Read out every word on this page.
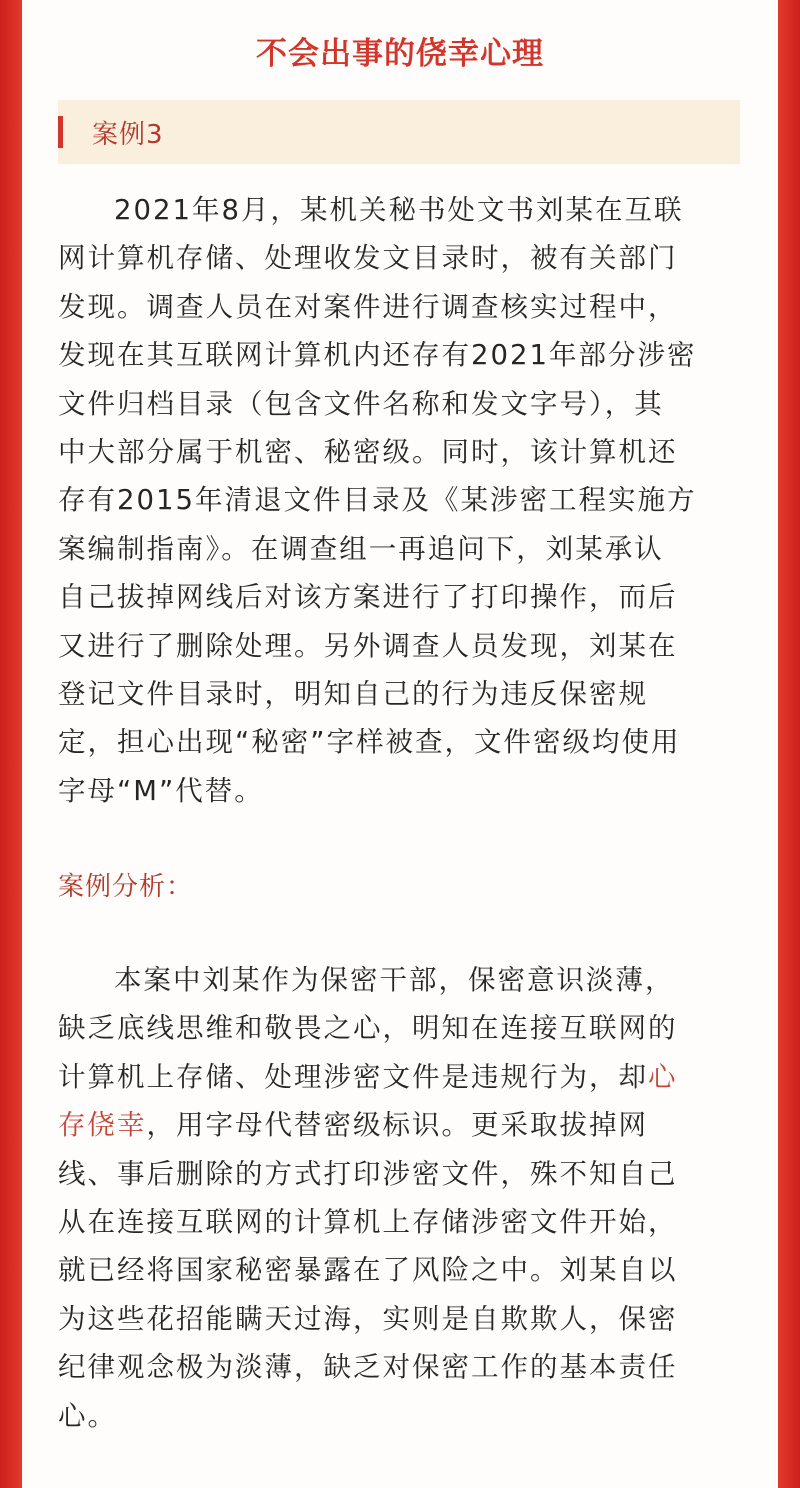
不会出事的侥幸心理
案例3
2021年8月，某机关秘书处文书刘某在互联
网计算机存储、处理收发文目录时，被有关部门
发现。调查人员在对案件进行调查核实过程中，
发现在其互联网计算机内还存有2021年部分涉密
文件归档目录（包含文件名称和发文字号），其
中大部分属于机密、秘密级。同时，该计算机还
存有2015年清退文件目录及《某涉密工程实施方
案编制指南》。在调查组一再追问下，刘某承认
自己拔掉网线后对该方案进行了打印操作，而后
又进行了删除处理。另外调查人员发现，刘某在
登记文件目录时，明知自己的行为违反保密规
定，担心出现“秘密”字样被查，文件密级均使用
字母“M”代替。
案例分析：
本案中刘某作为保密干部，保密意识淡薄，
缺乏底线思维和敬畏之心，明知在连接互联网的
计算机上存储、处理涉密文件是违规行为，却心
存侥幸，用字母代替密级标识。更采取拔掉网
线、事后删除的方式打印涉密文件，殊不知自己
从在连接互联网的计算机上存储涉密文件开始，
就已经将国家秘密暴露在了风险之中。刘某自以
为这些花招能瞒天过海，实则是自欺欺人，保密
纪律观念极为淡薄，缺乏对保密工作的基本责任
心。
